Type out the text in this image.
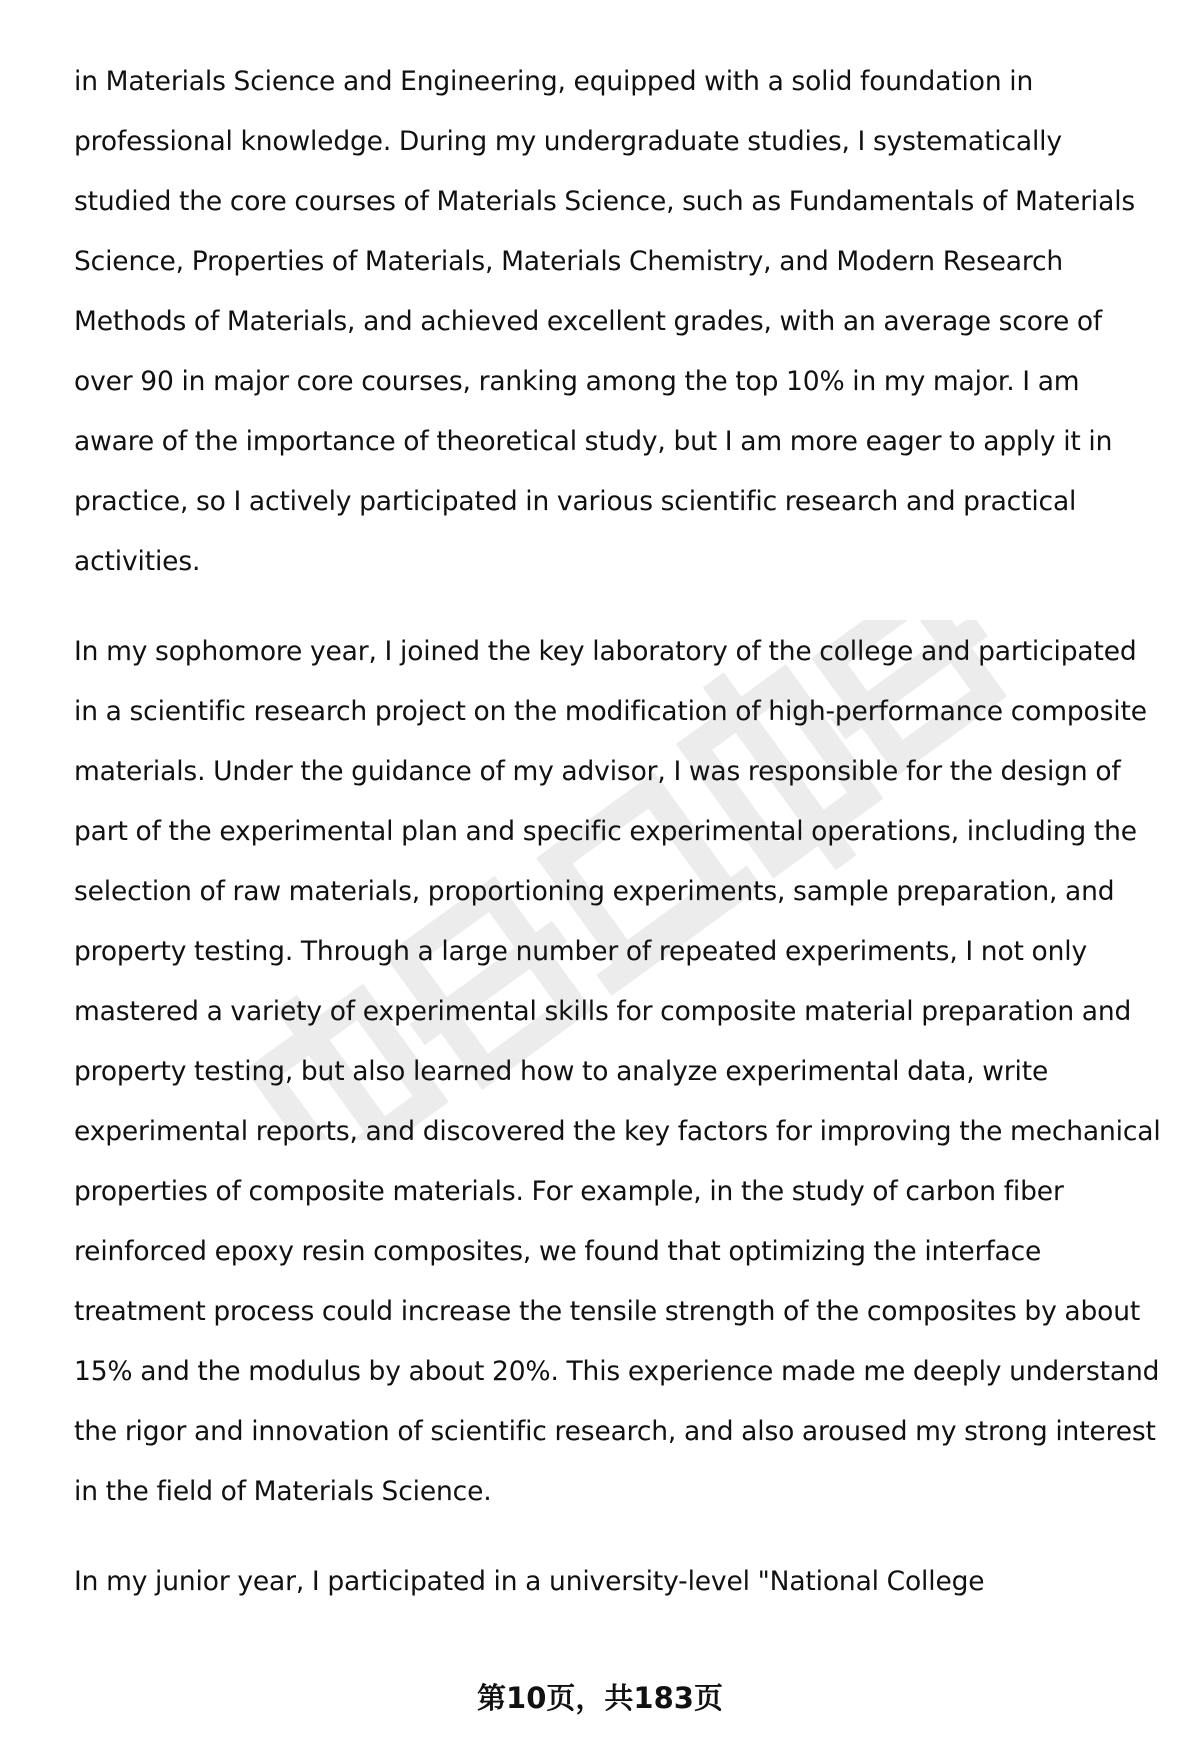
in Materials Science and Engineering, equipped with a solid foundation in professional knowledge. During my undergraduate studies, I systematically studied the core courses of Materials Science, such as Fundamentals of Materials Science, Properties of Materials, Materials Chemistry, and Modern Research Methods of Materials, and achieved excellent grades, with an average score of over 90 in major core courses, ranking among the top 10% in my major. I am aware of the importance of theoretical study, but I am more eager to apply it in practice, so I actively participated in various scientific research and practical activities.

In my sophomore year, I joined the key laboratory of the college and participated in a scientific research project on the modification of high-performance composite materials. Under the guidance of my advisor, I was responsible for the design of part of the experimental plan and specific experimental operations, including the selection of raw materials, proportioning experiments, sample preparation, and property testing. Through a large number of repeated experiments, I not only mastered a variety of experimental skills for composite material preparation and property testing, but also learned how to analyze experimental data, write experimental reports, and discovered the key factors for improving the mechanical properties of composite materials. For example, in the study of carbon fiber reinforced epoxy resin composites, we found that optimizing the interface treatment process could increase the tensile strength of the composites by about 15% and the modulus by about 20%. This experience made me deeply understand the rigor and innovation of scientific research, and also aroused my strong interest in the field of Materials Science.

In my junior year, I participated in a university-level "National College

第10页，共183页
